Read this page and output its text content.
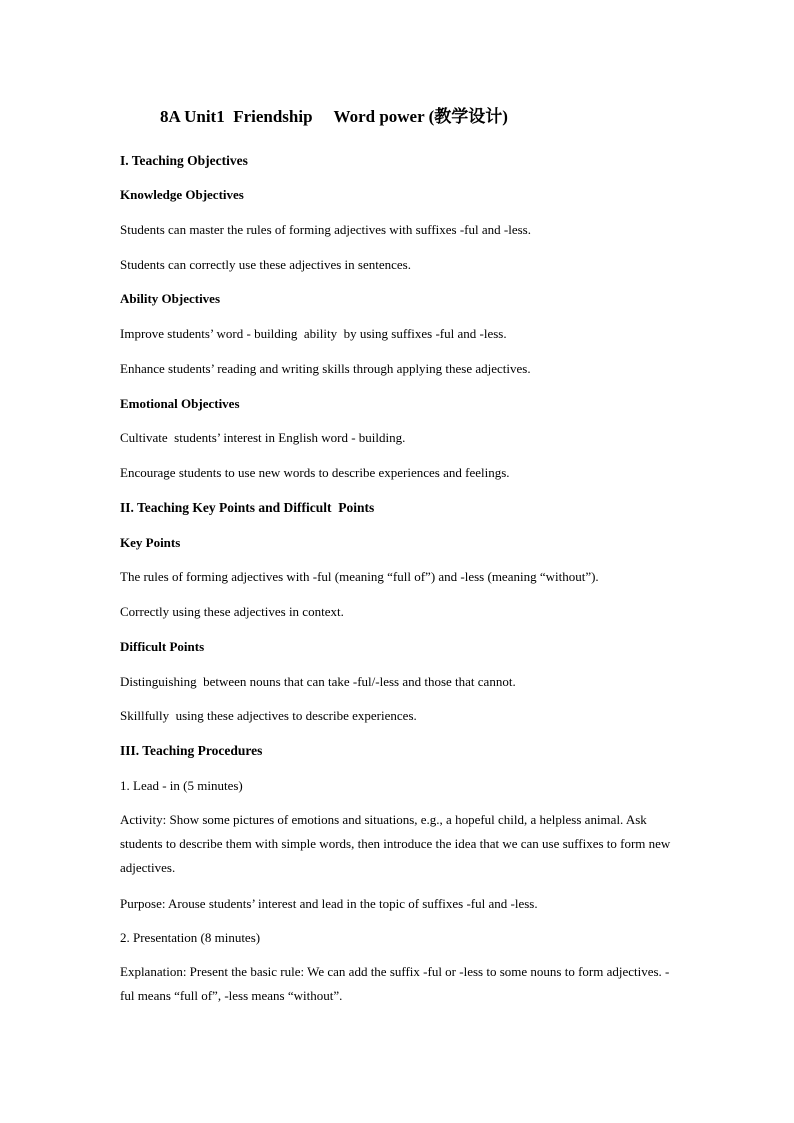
8A Unit1  Friendship     Word power (教学设计)
I. Teaching Objectives
Knowledge Objectives
Students can master the rules of forming adjectives with suffixes -ful and -less.
Students can correctly use these adjectives in sentences.
Ability Objectives
Improve students’ word - building  ability  by using suffixes -ful and -less.
Enhance students’ reading and writing skills through applying these adjectives.
Emotional Objectives
Cultivate  students’ interest in English word - building.
Encourage students to use new words to describe experiences and feelings.
II. Teaching Key Points and Difficult  Points
Key Points
The rules of forming adjectives with -ful (meaning “full of”) and -less (meaning “without”).
Correctly using these adjectives in context.
Difficult Points
Distinguishing  between nouns that can take -ful/-less and those that cannot.
Skillfully  using these adjectives to describe experiences.
III. Teaching Procedures
1. Lead - in (5 minutes)
Activity: Show some pictures of emotions and situations, e.g., a hopeful child, a helpless animal. Ask students to describe them with simple words, then introduce the idea that we can use suffixes to form new adjectives.
Purpose: Arouse students’ interest and lead in the topic of suffixes -ful and -less.
2. Presentation (8 minutes)
Explanation: Present the basic rule: We can add the suffix -ful or -less to some nouns to form adjectives. -ful means “full of”, -less means “without”.
